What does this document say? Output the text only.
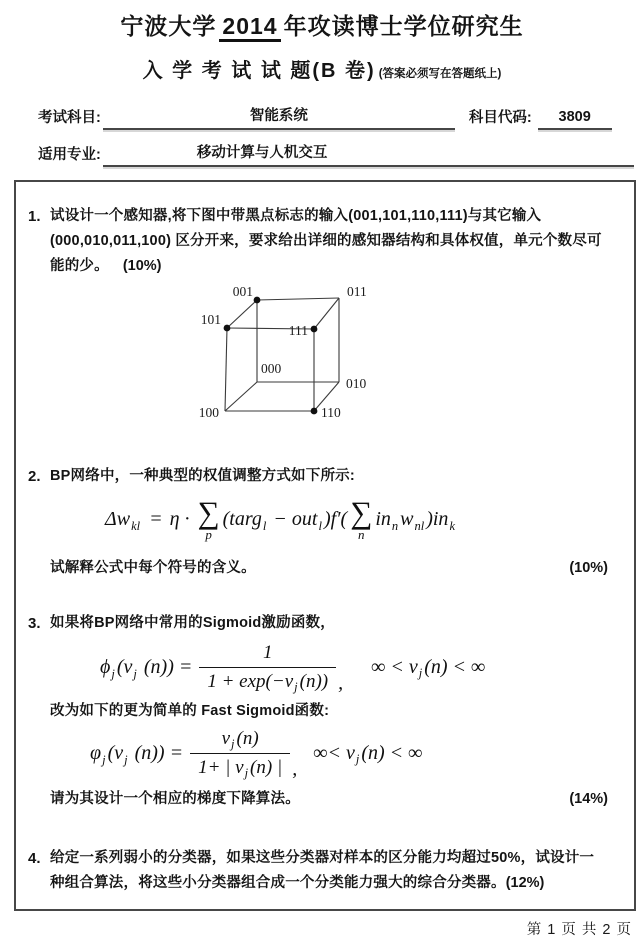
宁波大学 2014 年攻读博士学位研究生
入 学 考 试 试 题(B 卷) (答案必须写在答题纸上)
考试科目:	智能系统	科目代码:	3809
适用专业:	移动计算与人机交互
1. 试设计一个感知器,将下图中带黑点标志的输入(001,101,110,111)与其它输入(000,010,011,100) 区分开来，要求给出详细的感知器结构和具体权值，单元个数尽可能的少。 (10%)
001	011
101
111
000
010
100	110
2. BP网络中，一种典型的权值调整方式如下所示:
Δw kl = η · ∑
p
(targ l − out l ) f′( ∑
n
in n w nl ) in k
试解释公式中每个符号的含义。	(10%)
3. 如果将BP网络中常用的Sigmoid激励函数，
ϕ j (v j $(n)) = \frac{1}{1 + \exp(-vj (n))}$ ,
∞ < vj (n) < ∞
改为如下的更为简单的 Fast Sigmoid函数:
φ j (v j $(n)) = \frac{vj (n)}{1+ | vj (n) |}$ ,
∞< vj (n) < ∞
请为其设计一个相应的梯度下降算法。	(14%)
4. 给定一系列弱小的分类器，如果这些分类器对样本的区分能力均超过50%，试设计一种组合算法，将这些小分类器组合成一个分类能力强大的综合分类器。(12%)
第 1 页 共 2 页
